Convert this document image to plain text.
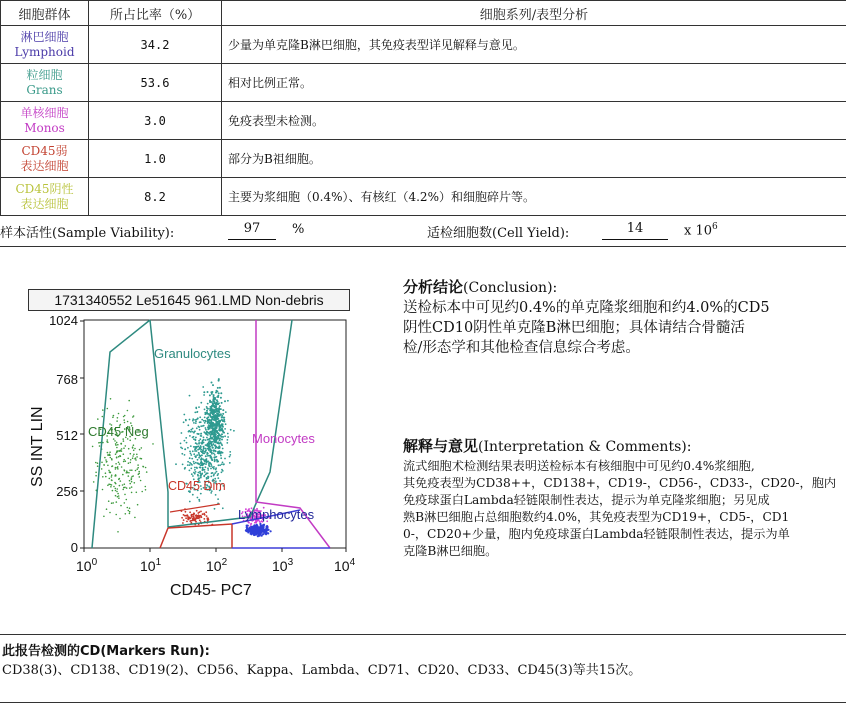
细胞群体	所占比率（%）	细胞系列/表型分析
淋巴细胞
Lymphoid	34.2	少量为单克隆B淋巴细胞，其免疫表型详见解释与意见。
粒细胞
Grans	53.6	相对比例正常。
单核细胞
Monos	3.0	免疫表型未检测。
CD45弱
表达细胞	1.0	部分为B祖细胞。
CD45阴性
表达细胞	8.2	主要为浆细胞（0.4%）、有核红（4.2%）和细胞碎片等。
样本活性(Sample Viability):	97	%	适检细胞数(Cell Yield):	14	x $10^6$
1731340552 Le51645 961.LMD Non-debris
Granulocytes
CD45 Neg	Monocytes
CD45 Dim
Lymphocytes
1024
768
512
256
0
$10^0$	$10^1$	$10^2$	$10^3$	$10^4$
CD45- PC7
SS INT LIN
分析结论(Conclusion):
送检标本中可见约0.4%的单克隆浆细胞和约4.0%的CD5
阴性CD10阴性单克隆B淋巴细胞；具体请结合骨髓活
检/形态学和其他检查信息综合考虑。
解释与意见(Interpretation & Comments):
流式细胞术检测结果表明送检标本有核细胞中可见约0.4%浆细胞,
其免疫表型为CD38++，CD138+，CD19-，CD56-，CD33-，CD20-，胞内
免疫球蛋白Lambda轻链限制性表达，提示为单克隆浆细胞；另见成
熟B淋巴细胞占总细胞数约4.0%，其免疫表型为CD19+，CD5-，CD1
0-，CD20+少量，胞内免疫球蛋白Lambda轻链限制性表达，提示为单
克隆B淋巴细胞。
此报告检测的CD(Markers Run):
CD38(3)、CD138、CD19(2)、CD56、Kappa、Lambda、CD71、CD20、CD33、CD45(3)等共15次。
